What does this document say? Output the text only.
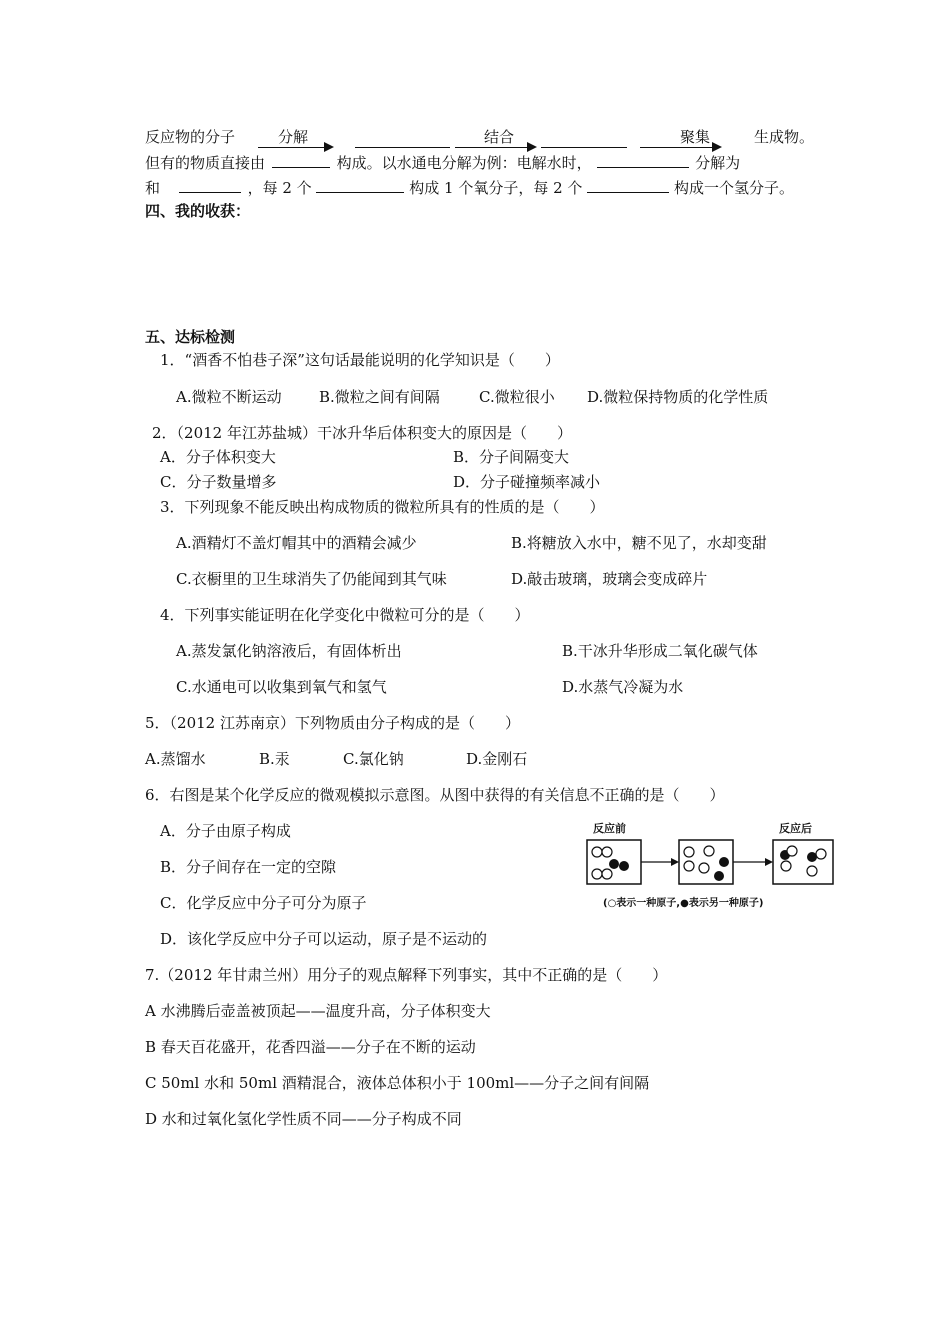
反应物的分子	分解	结合	聚集	生成物。
但有的物质直接由	构成。以水通电分解为例：电解水时，	分解为
和	，每 2 个	构成 1 个氧分子，每 2 个	构成一个氢分子。
四、我的收获：
五、达标检测
1．“酒香不怕巷子深”这句话最能说明的化学知识是（　　）
A.微粒不断运动 B.微粒之间有间隔	C.微粒很小 D.微粒保持物质的化学性质
2．（2012 年江苏盐城）干冰升华后体积变大的原因是（　　）
A．分子体积变大	B．分子间隔变大
C．分子数量增多	D．分子碰撞频率减小
3．下列现象不能反映出构成物质的微粒所具有的性质的是（　　）
A.酒精灯不盖灯帽其中的酒精会减少	B.将糖放入水中，糖不见了，水却变甜
C.衣橱里的卫生球消失了仍能闻到其气味	D.敲击玻璃，玻璃会变成碎片
4．下列事实能证明在化学变化中微粒可分的是（　　）
A.蒸发氯化钠溶液后，有固体析出	B.干冰升华形成二氧化碳气体
C.水通电可以收集到氧气和氢气	D.水蒸气冷凝为水
5．（2012 江苏南京）下列物质由分子构成的是（　　）
A.蒸馏水	B.汞	C.氯化钠	D.金刚石
6．右图是某个化学反应的微观模拟示意图。从图中获得的有关信息不正确的是（　　）
A．分子由原子构成
B．分子间存在一定的空隙
C．化学反应中分子可分为原子
D．该化学反应中分子可以运动，原子是不运动的
反应前	反应后
(○表示一种原子,●表示另一种原子)
7.（2012 年甘肃兰州）用分子的观点解释下列事实，其中不正确的是（　　）
A 水沸腾后壶盖被顶起——温度升高，分子体积变大
B 春天百花盛开，花香四溢——分子在不断的运动
C 50ml 水和 50ml 酒精混合，液体总体积小于 100ml——分子之间有间隔
D 水和过氧化氢化学性质不同——分子构成不同
